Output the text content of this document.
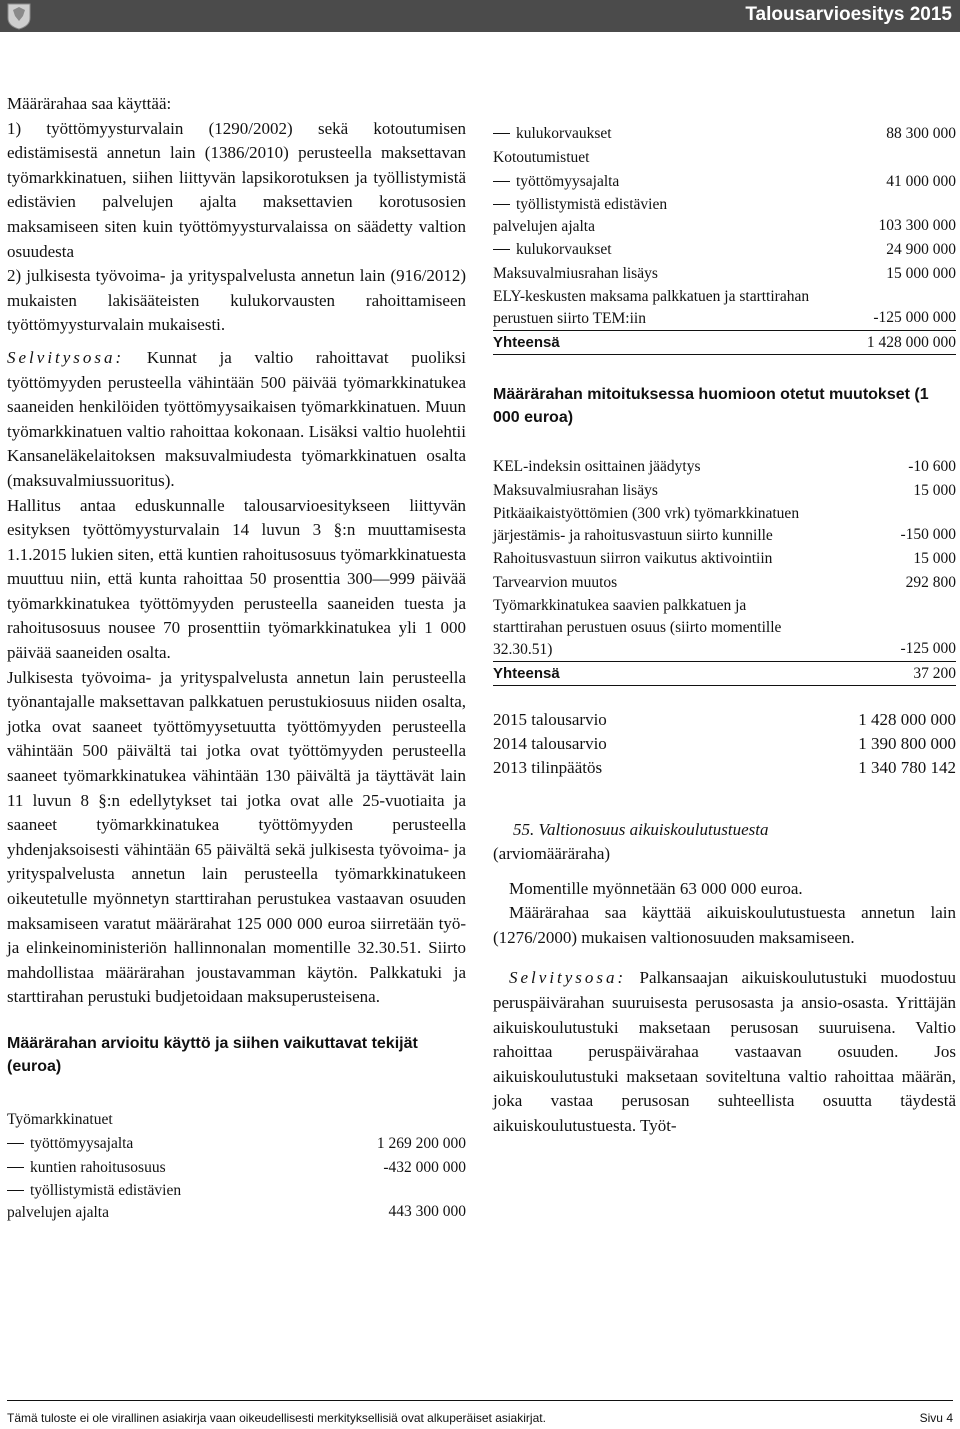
Talousarvioesitys 2015

Määrärahaa saa käyttää:

1) työttömyysturvalain (1290/2002) sekä kotoutumisen edistämisestä annetun lain (1386/2010) perusteella maksettavan työmarkkinatuen, siihen liittyvän lapsikorotuksen ja työllistymistä edistävien palvelujen ajalta maksettavien korotusosien maksamiseen siten kuin työttömyysturvalaissa on säädetty valtion osuudesta

2) julkisesta työvoima- ja yrityspalvelusta annetun lain (916/2012) mukaisten lakisääteisten kulukorvausten rahoittamiseen työttömyysturvalain mukaisesti.

Selvitysosa: Kunnat ja valtio rahoittavat puoliksi työttömyyden perusteella vähintään 500 päivää työmarkkinatukea saaneiden henkilöiden työttömyysaikaisen työmarkkinatuen. Muun työmarkkinatuen valtio rahoittaa kokonaan. Lisäksi valtio huolehtii Kansaneläkelaitoksen maksuvalmiudesta työmarkkinatuen osalta (maksuvalmiussuoritus).

Hallitus antaa eduskunnalle talousarvioesitykseen liittyvän esityksen työttömyysturvalain 14 luvun 3 §:n muuttamisesta 1.1.2015 lukien siten, että kuntien rahoitusosuus työmarkkinatuesta muuttuu niin, että kunta rahoittaa 50 prosenttia 300—999 päivää työmarkkinatukea työttömyyden perusteella saaneiden tuesta ja rahoitusosuus nousee 70 prosenttiin työmarkkinatukea yli 1 000 päivää saaneiden osalta.

Julkisesta työvoima- ja yrityspalvelusta annetun lain perusteella työnantajalle maksettavan palkkatuen perustukiosuus niiden osalta, jotka ovat saaneet työttömyysetuutta työttömyyden perusteella vähintään 500 päivältä tai jotka ovat työttömyyden perusteella saaneet työmarkkinatukea vähintään 130 päivältä ja täyttävät lain 11 luvun 8 §:n edellytykset tai jotka ovat alle 25-vuotiaita ja saaneet työmarkkinatukea työttömyyden perusteella yhdenjaksoisesti vähintään 65 päivältä sekä julkisesta työvoima- ja yrityspalvelusta annetun lain perusteella työmarkkinatukeen oikeutetulle myönnetyn starttirahan perustukea vastaavan osuuden maksamiseen varatut määrärahat 125 000 000 euroa siirretään työ- ja elinkeinoministeriön hallinnonalan momentille 32.30.51. Siirto mahdollistaa määrärahan joustavamman käytön. Palkkatuki ja starttirahan perustuki budjetoidaan maksuperusteisena.

Määrärahan arvioitu käyttö ja siihen vaikuttavat tekijät (euroa)
Työmarkkinatuet	
työttömyysajalta	1 269 200 000
kuntien rahoitusosuus	-432 000 000
työllistymistä edistävien palvelujen ajalta	443 300 000
kulukorvaukset	88 300 000
Kotoutumistuet	
työttömyysajalta	41 000 000
työllistymistä edistävien palvelujen ajalta	103 300 000
kulukorvaukset	24 900 000
Maksuvalmiusrahan lisäys	15 000 000
ELY-keskusten maksama palkkatuen ja starttirahan perustuen siirto TEM:iin	-125 000 000
Yhteensä	1 428 000 000
Määrärahan mitoituksessa huomioon otetut muutokset (1 000 euroa)
KEL-indeksin osittainen jäädytys	-10 600
Maksuvalmiusrahan lisäys	15 000
Pitkäaikaistyöttömien (300 vrk) työmarkkinatuen järjestämis- ja rahoitusvastuun siirto kunnille	-150 000
Rahoitusvastuun siirron vaikutus aktivointiin	15 000
Tarvearvion muutos	292 800
Työmarkkinatukea saavien palkkatuen ja starttirahan perustuen osuus (siirto momentille 32.30.51)	-125 000
Yhteensä	37 200
2015 talousarvio	1 428 000 000
2014 talousarvio	1 390 800 000
2013 tilinpäätös	1 340 780 142
55. Valtionosuus aikuiskoulutustuesta
(arviomääräraha)

Momentille myönnetään 63 000 000 euroa.

Määrärahaa saa käyttää aikuiskoulutustuesta annetun lain (1276/2000) mukaisen valtionosuuden maksamiseen.

Selvitysosa: Palkansaajan aikuiskoulutustuki muodostuu peruspäivärahan suuruisesta perusosasta ja ansio-osasta. Yrittäjän aikuiskoulutustuki maksetaan perusosan suuruisena. Valtio rahoittaa peruspäivärahaa vastaavan osuuden. Jos aikuiskoulutustuki maksetaan soviteltuna valtio rahoittaa määrän, joka vastaa perusosan suhteellista osuutta täydestä aikuiskoulutustuesta. Työt-

Tämä tuloste ei ole virallinen asiakirja vaan oikeudellisesti merkityksellisiä ovat alkuperäiset asiakirjat.	Sivu 4
